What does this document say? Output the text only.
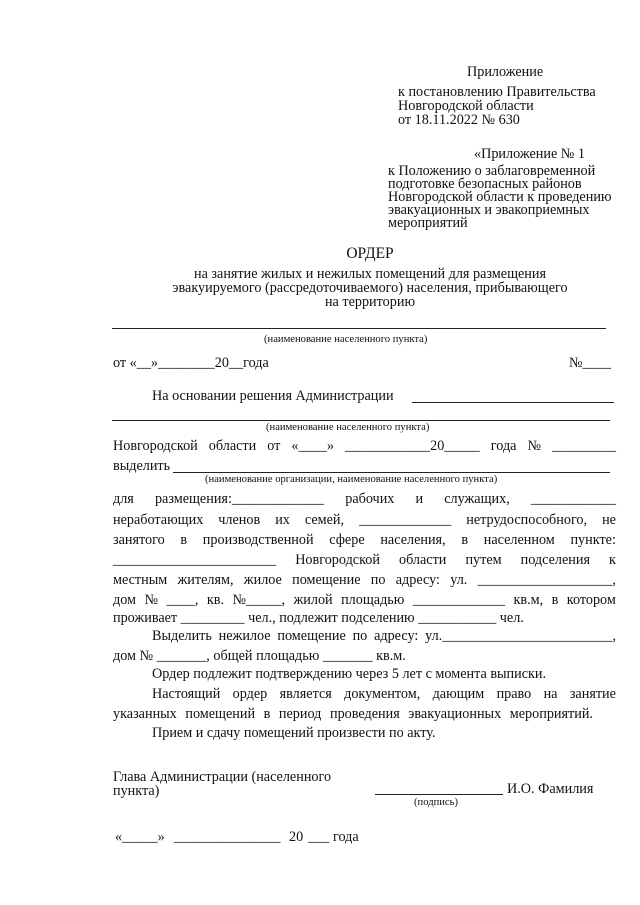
Приложение
к постановлению Правительства
Новгородской области
от 18.11.2022 № 630
«Приложение № 1
к Положению о заблаговременной
подготовке безопасных районов
Новгородской области к проведению
эвакуационных и эвакоприемных
мероприятий
ОРДЕР
на занятие жилых и нежилых помещений для размещения
эвакуируемого (рассредоточиваемого) населения, прибывающего
на территорию
(наименование населенного пункта)
от «__»________20__года	№____
На основании решения Администрации
(наименование населенного пункта)
Новгородской области от «____» ____________20_____ года № _________
выделить
(наименование организации, наименование населенного пункта)
для размещения:_____________ рабочих и служащих, ____________
неработающих членов их семей, _____________ нетрудоспособного, не
занятого в производственной сфере населения, в населенном пункте:
_______________________ Новгородской области путем подселения к
местным жителям, жилое помещение по адресу: ул. ___________________,
дом № ____, кв. №_____, жилой площадью _____________ кв.м, в котором
проживает _________ чел., подлежит подселению ___________ чел.
Выделить нежилое помещение по адресу: ул.________________________,
дом № _______, общей площадью _______ кв.м.
Ордер подлежит подтверждению через 5 лет с момента выписки.
Настоящий ордер является документом, дающим право на занятие
указанных помещений в период проведения эвакуационных мероприятий.
Прием и сдачу помещений произвести по акту.
Глава Администрации (населенного
пункта)	И.О. Фамилия
(подпись)
«_____» _______________ 20 ___ года
